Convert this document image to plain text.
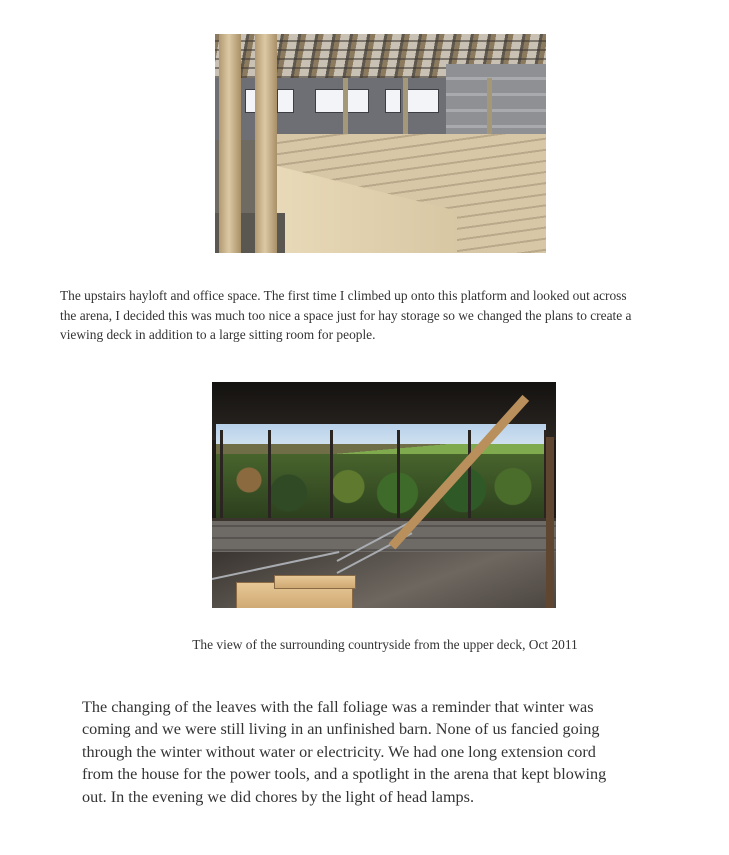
The upstairs hayloft and office space. The first time I climbed up onto this platform and looked out across
the arena, I decided this was much too nice a space just for hay storage so we changed the plans to create a
viewing deck in addition to a large sitting room for people.
The view of the surrounding countryside from the upper deck, Oct 2011
The changing of the leaves with the fall foliage was a reminder that winter was
coming and we were still living in an unfinished barn. None of us fancied going
through the winter without water or electricity. We had one long extension cord
from the house for the power tools, and a spotlight in the arena that kept blowing
out. In the evening we did chores by the light of head lamps.
